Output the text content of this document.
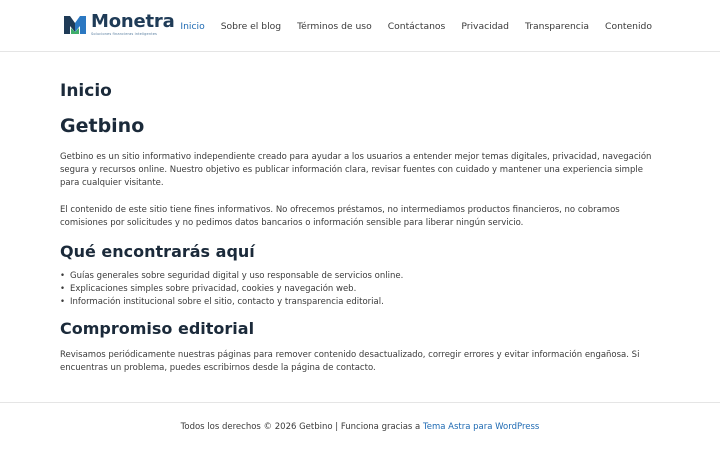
Monetra
Soluciones financieras inteligentes
Inicio Sobre el blog Términos de uso Contáctanos Privacidad Transparencia Contenido
Inicio
Getbino

Getbino es un sitio informativo independiente creado para ayudar a los usuarios a entender mejor temas digitales, privacidad, navegación segura y recursos online. Nuestro objetivo es publicar información clara, revisar fuentes con cuidado y mantener una experiencia simple para cualquier visitante.

El contenido de este sitio tiene fines informativos. No ofrecemos préstamos, no intermediamos productos financieros, no cobramos comisiones por solicitudes y no pedimos datos bancarios o información sensible para liberar ningún servicio.

Qué encontrarás aquí
• Guías generales sobre seguridad digital y uso responsable de servicios online.
• Explicaciones simples sobre privacidad, cookies y navegación web.
• Información institucional sobre el sitio, contacto y transparencia editorial.
Compromiso editorial

Revisamos periódicamente nuestras páginas para remover contenido desactualizado, corregir errores y evitar información engañosa. Si encuentras un problema, puedes escribirnos desde la página de contacto.

Todos los derechos © 2026 Getbino | Funciona gracias a Tema Astra para WordPress
